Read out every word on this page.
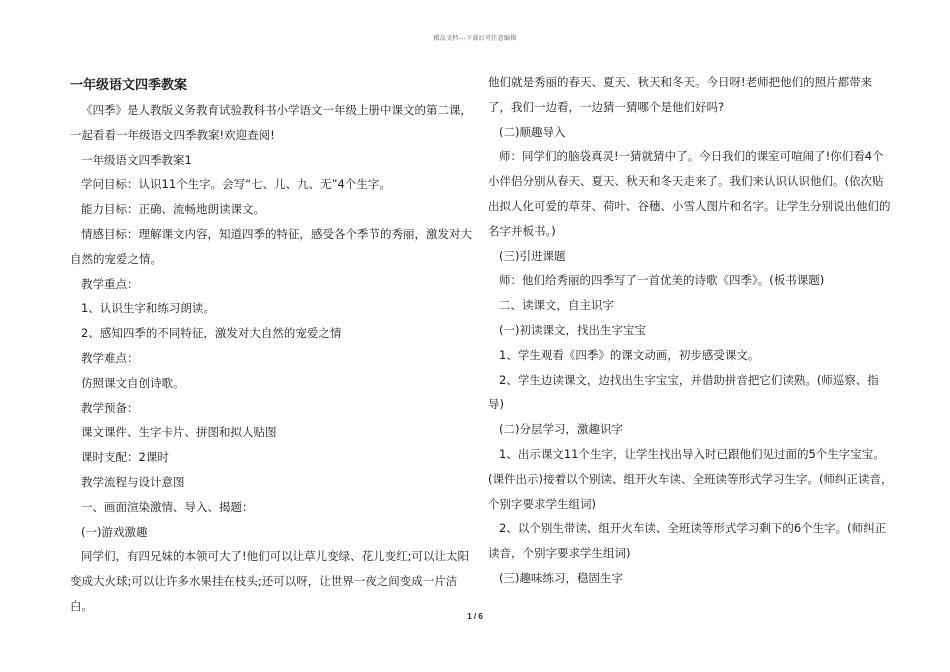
精品文档---下载后可任意编辑
一年级语文四季教案

《四季》是人教版义务教育试验教科书小学语文一年级上册中课文的第二课，一起看看一年级语文四季教案!欢迎查阅!

一年级语文四季教案1

学问目标：认识11个生字。会写“七、儿、九、无”4个生字。

能力目标：正确、流畅地朗读课文。

情感目标：理解课文内容，知道四季的特征，感受各个季节的秀丽，激发对大自然的宠爱之情。

教学重点：

1、认识生字和练习朗读。

2、感知四季的不同特征，激发对大自然的宠爱之情

教学难点：

仿照课文自创诗歌。

教学预备：

课文课件、生字卡片、拼图和拟人贴图

课时支配：2课时

教学流程与设计意图

一、画面渲染激情、导入、揭题：

(一)游戏激趣

同学们，有四兄妹的本领可大了!他们可以让草儿变绿、花儿变红;可以让太阳变成大火球;可以让许多水果挂在枝头;还可以呀，让世界一夜之间变成一片洁白。

他们就是秀丽的春天、夏天、秋天和冬天。今日呀!老师把他们的照片都带来了，我们一边看，一边猜一猜哪个是他们好吗?

(二)顺趣导入

师：同学们的脑袋真灵!一猜就猜中了。今日我们的课室可喧闹了!你们看4个小伴侣分别从春天、夏天、秋天和冬天走来了。我们来认识认识他们。(依次贴出拟人化可爱的草芽、荷叶、谷穗、小雪人图片和名字。让学生分别说出他们的名字并板书。)

(三)引进课题

师：他们给秀丽的四季写了一首优美的诗歌《四季》。(板书课题)

二、读课文，自主识字

(一)初读课文，找出生字宝宝

1、学生观看《四季》的课文动画，初步感受课文。

2、学生边读课文，边找出生字宝宝，并借助拼音把它们读熟。(师巡察、指导)

(二)分层学习，激趣识字

1、出示课文11个生字，让学生找出导入时已跟他们见过面的5个生字宝宝。(课件出示)接着以个别读、组开火车读、全班读等形式学习生字。(师纠正读音，个别字要求学生组词)

2、以个别生带读、组开火车读、全班读等形式学习剩下的6个生字。(师纠正读音，个别字要求学生组词)

(三)趣味练习，稳固生字

1 / 6
